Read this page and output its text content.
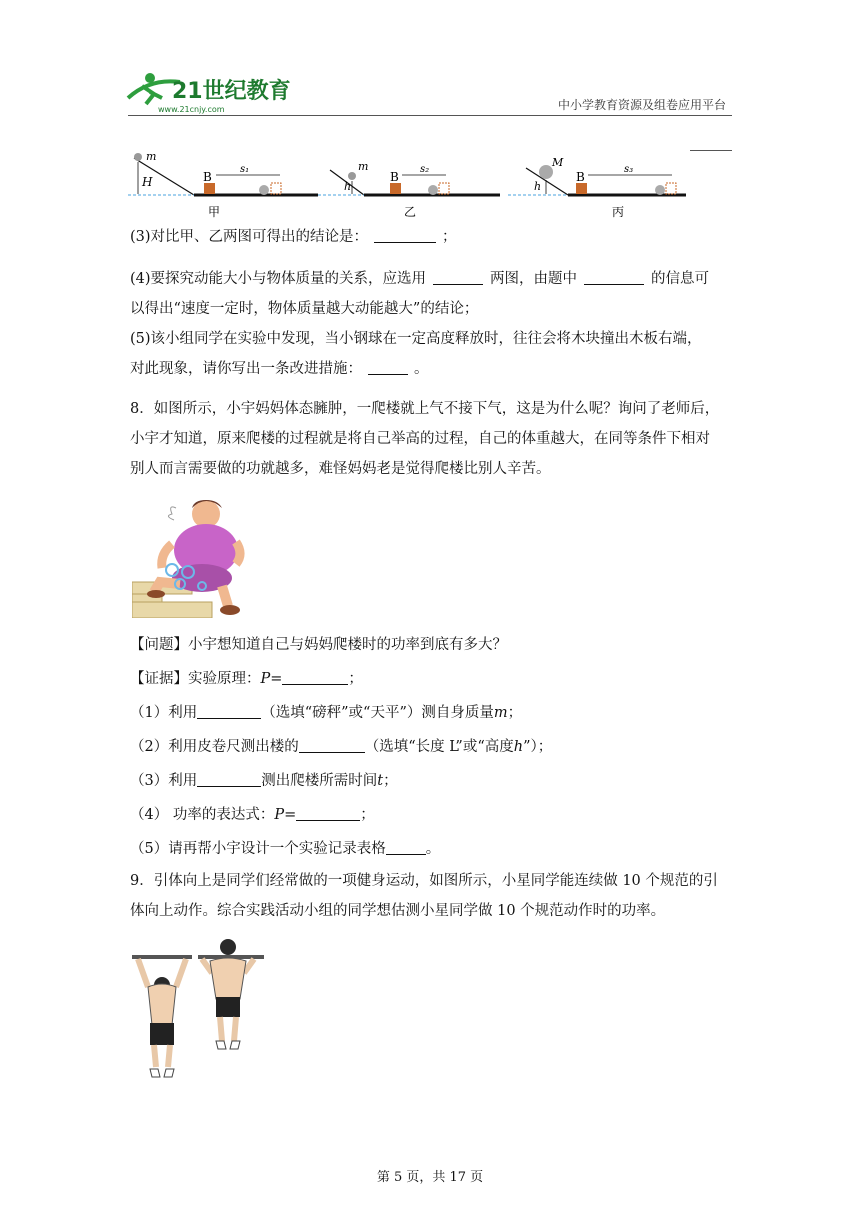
21世纪教育
www.21cnjy.com	中小学教育资源及组卷应用平台
H
m
B
s₁
甲
h
m
B
s₂
乙
h
M
B
s₃
丙
(3)对比甲、乙两图可得出的结论是：	；
(4)要探究动能大小与物体质量的关系，应选用	两图，由题中	的信息可
以得出“速度一定时，物体质量越大动能越大”的结论；
(5)该小组同学在实验中发现，当小钢球在一定高度释放时，往往会将木块撞出木板右端，
对此现象，请你写出一条改进措施：	。
8．如图所示，小宇妈妈体态臃肿，一爬楼就上气不接下气，这是为什么呢？询问了老师后，
小宇才知道，原来爬楼的过程就是将自己举高的过程，自己的体重越大，在同等条件下相对
别人而言需要做的功就越多，难怪妈妈老是觉得爬楼比别人辛苦。
【问题】小宇想知道自己与妈妈爬楼时的功率到底有多大？
【证据】实验原理：P=	；
（1）利用	（选填“磅秤”或“天平”）测自身质量m；
（2）利用皮卷尺测出楼的	（选填“长度 L”或“高度h”）；
（3）利用	测出爬楼所需时间t；
（4） 功率的表达式：P=	；
（5）请再帮小宇设计一个实验记录表格	。
9．引体向上是同学们经常做的一项健身运动，如图所示，小星同学能连续做 10 个规范的引
体向上动作。综合实践活动小组的同学想估测小星同学做 10 个规范动作时的功率。
第 5 页，共 17 页
